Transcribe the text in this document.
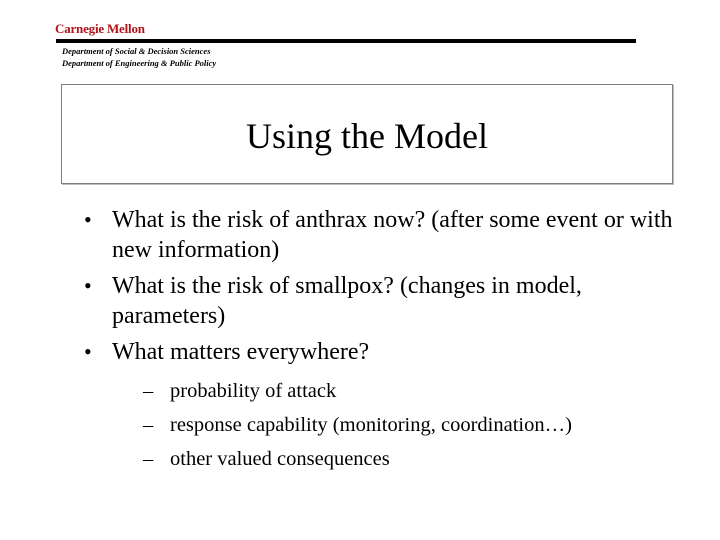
Carnegie Mellon
Department of Social & Decision Sciences
Department of Engineering & Public Policy
Using the Model
• What is the risk of anthrax now? (after some event or with new information)
• What is the risk of smallpox? (changes in model, parameters)
• What matters everywhere?
– probability of attack
– response capability (monitoring, coordination…)
– other valued consequences
